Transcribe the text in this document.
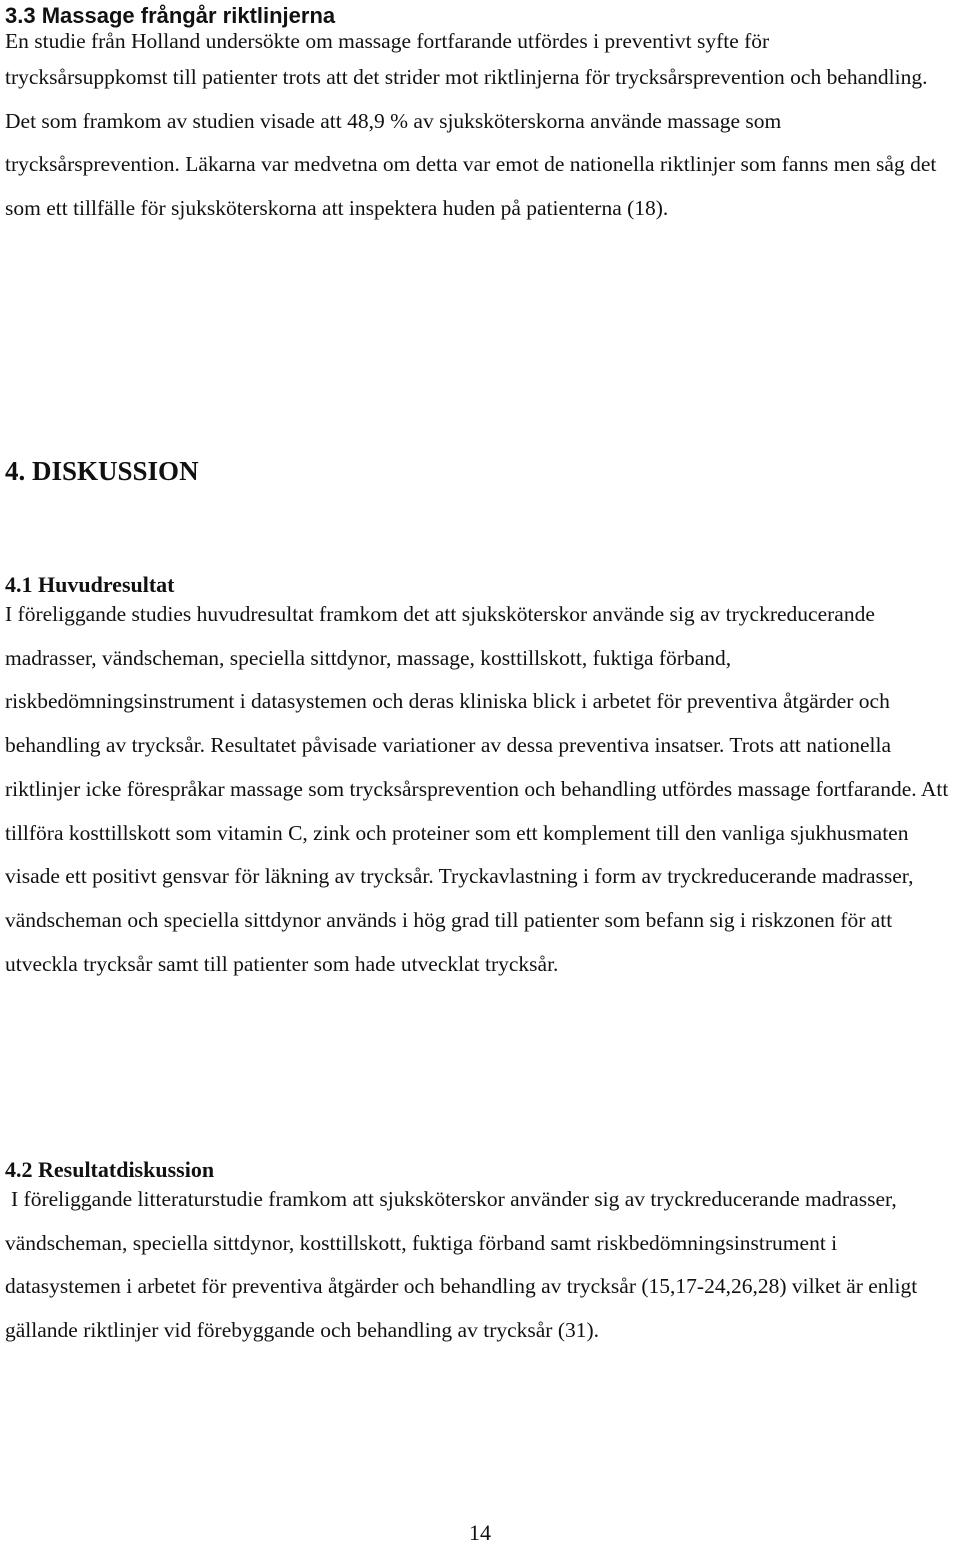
3.3 Massage frångår riktlinjerna

En studie från Holland undersökte om massage fortfarande utfördes i preventivt syfte för
trycksårsuppkomst till patienter trots att det strider mot riktlinjerna för trycksårsprevention och behandling. Det som framkom av studien visade att 48,9 % av sjuksköterskorna använde massage som trycksårsprevention. Läkarna var medvetna om detta var emot de nationella riktlinjer som fanns men såg det som ett tillfälle för sjuksköterskorna att inspektera huden på patienterna (18).

4. DISKUSSION
4.1 Huvudresultat

I föreliggande studies huvudresultat framkom det att sjuksköterskor använde sig av tryckreducerande madrasser, vändscheman, speciella sittdynor, massage, kosttillskott, fuktiga förband, riskbedömningsinstrument i datasystemen och deras kliniska blick i arbetet för preventiva åtgärder och behandling av trycksår. Resultatet påvisade variationer av dessa preventiva insatser. Trots att nationella riktlinjer icke förespråkar massage som trycksårsprevention och behandling utfördes massage fortfarande. Att tillföra kosttillskott som vitamin C, zink och proteiner som ett komplement till den vanliga sjukhusmaten visade ett positivt gensvar för läkning av trycksår. Tryckavlastning i form av tryckreducerande madrasser, vändscheman och speciella sittdynor används i hög grad till patienter som befann sig i riskzonen för att utveckla trycksår samt till patienter som hade utvecklat trycksår.

4.2 Resultatdiskussion

I föreliggande litteraturstudie framkom att sjuksköterskor använder sig av tryckreducerande madrasser, vändscheman, speciella sittdynor, kosttillskott, fuktiga förband samt riskbedömningsinstrument i datasystemen i arbetet för preventiva åtgärder och behandling av trycksår (15,17-24,26,28) vilket är enligt gällande riktlinjer vid förebyggande och behandling av trycksår (31).

14
